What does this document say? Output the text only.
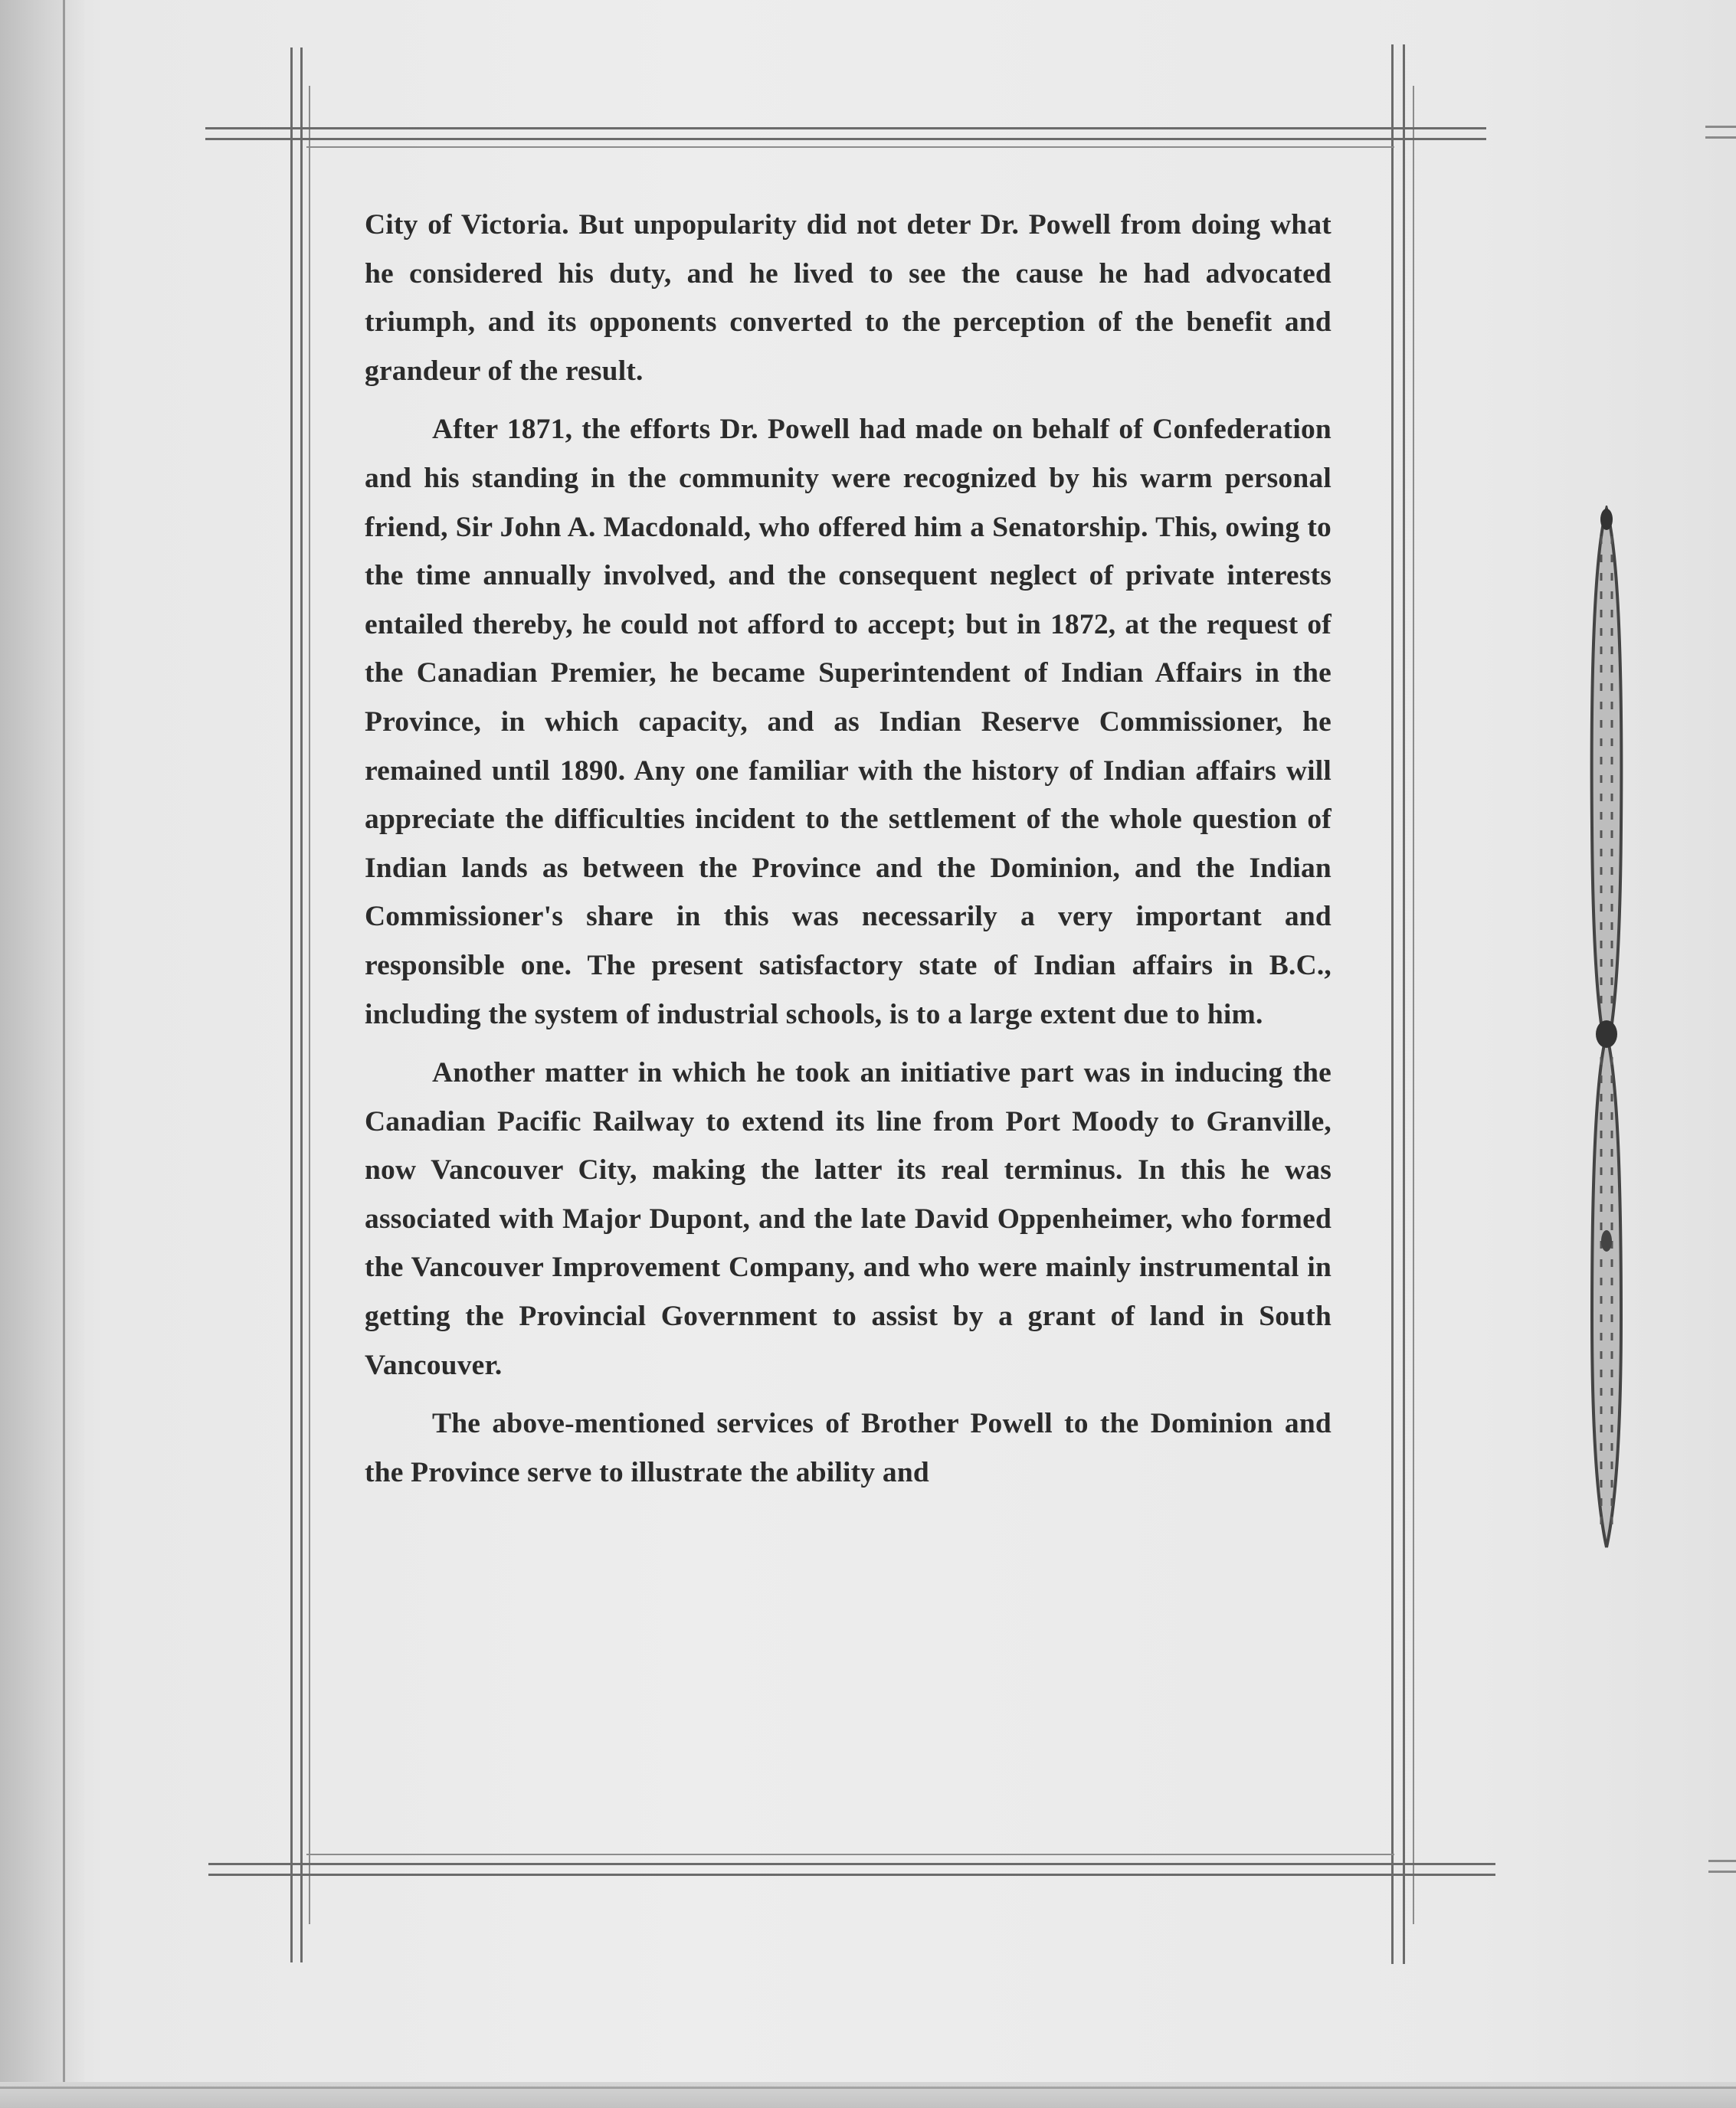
City of Victoria. But unpopularity did not deter Dr. Powell from doing what he considered his duty, and he lived to see the cause he had advocated triumph, and its opponents converted to the perception of the benefit and grandeur of the result.

After 1871, the efforts Dr. Powell had made on behalf of Confederation and his standing in the community were recognized by his warm personal friend, Sir John A. Macdonald, who offered him a Senatorship. This, owing to the time annually involved, and the consequent neglect of private interests entailed thereby, he could not afford to accept; but in 1872, at the request of the Canadian Premier, he became Superintendent of Indian Affairs in the Province, in which capacity, and as Indian Reserve Commissioner, he remained until 1890. Any one familiar with the history of Indian affairs will appreciate the difficulties incident to the settlement of the whole question of Indian lands as between the Province and the Dominion, and the Indian Commissioner's share in this was necessarily a very important and responsible one. The present satisfactory state of Indian affairs in B.C., including the system of industrial schools, is to a large extent due to him.

Another matter in which he took an initiative part was in inducing the Canadian Pacific Railway to extend its line from Port Moody to Granville, now Vancouver City, making the latter its real terminus. In this he was associated with Major Dupont, and the late David Oppenheimer, who formed the Vancouver Improvement Company, and who were mainly instrumental in getting the Provincial Government to assist by a grant of land in South Vancouver.

The above-mentioned services of Brother Powell to the Dominion and the Province serve to illustrate the ability and
